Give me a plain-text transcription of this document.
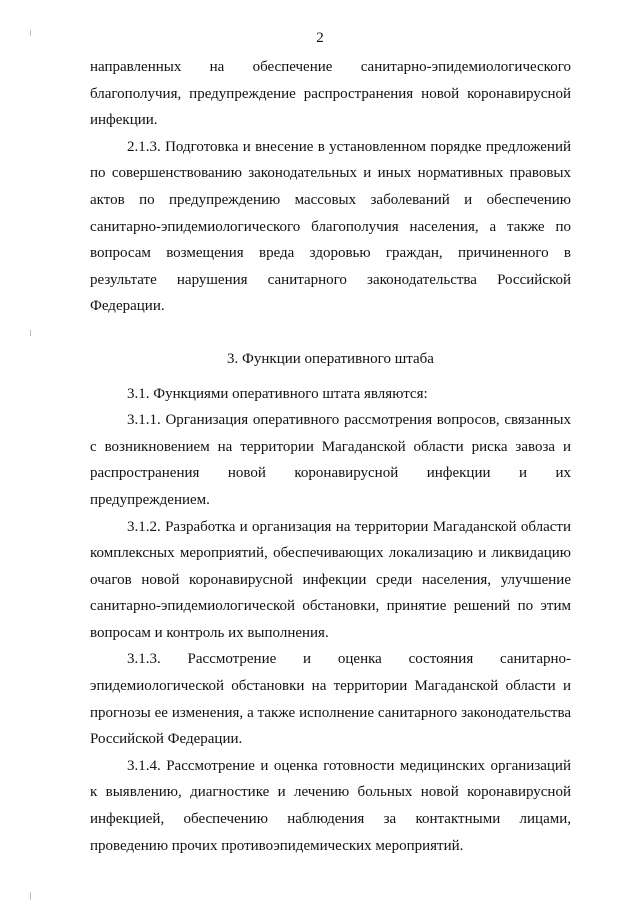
2

направленных на обеспечение санитарно-эпидемиологического благополучия, предупреждение распространения новой коронавирусной инфекции.

2.1.3. Подготовка и внесение в установленном порядке предложений по совершенствованию законодательных и иных нормативных правовых актов по предупреждению массовых заболеваний и обеспечению санитарно-эпидемиологического благополучия населения, а также по вопросам возмещения вреда здоровью граждан, причиненного в результате нарушения санитарного законодательства Российской Федерации.

3. Функции оперативного штаба

3.1. Функциями оперативного штата являются:

3.1.1. Организация оперативного рассмотрения вопросов, связанных с возникновением на территории Магаданской области риска завоза и распространения новой коронавирусной инфекции и их предупреждением.

3.1.2. Разработка и организация на территории Магаданской области комплексных мероприятий, обеспечивающих локализацию и ликвидацию очагов новой коронавирусной инфекции среди населения, улучшение санитарно-эпидемиологической обстановки, принятие решений по этим вопросам и контроль их выполнения.

3.1.3. Рассмотрение и оценка состояния санитарно-эпидемиологической обстановки на территории Магаданской области и прогнозы ее изменения, а также исполнение санитарного законодательства Российской Федерации.

3.1.4. Рассмотрение и оценка готовности медицинских организаций к выявлению, диагностике и лечению больных новой коронавирусной инфекцией, обеспечению наблюдения за контактными лицами, проведению прочих противоэпидемических мероприятий.
